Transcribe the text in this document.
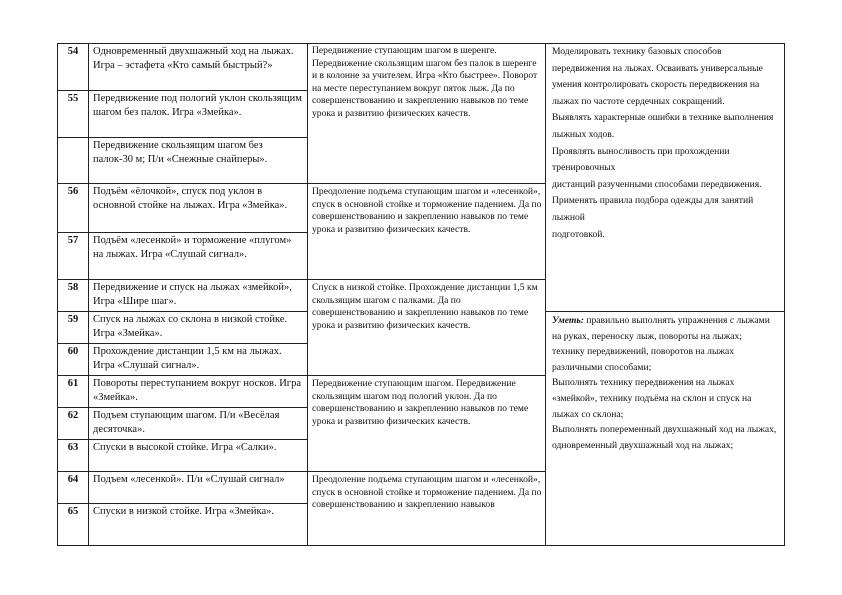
54
55
56
57
58
59
60
61
62
63
64
65
Одновременный двухшажный ход на лыжах. Игра – эстафета «Кто самый быстрый?»
Передвижение под пологий уклон скользящим шагом без палок. Игра «Змейка».
Передвижение скользящим шагом без палок-30 м; П/и «Снежные снайперы».
Подъём «ёлочкой», спуск под уклон в основной стойке на лыжах. Игра «Змейка».
Подъём «лесенкой» и торможение «плугом» на лыжах. Игра «Слушай сигнал».
Передвижение и спуск на лыжах «змейкой», Игра «Шире шаг».
Спуск на лыжах со склона в низкой стойке. Игра «Змейка».
Прохождение дистанции 1,5 км на лыжах. Игра «Слушай сигнал».
Повороты переступанием вокруг носков. Игра «Змейка».
Подъем ступающим шагом. П/и «Весёлая десяточка».
Спуски в высокой стойке. Игра «Салки».
Подъем «лесенкой». П/и «Слушай сигнал»
Спуски в низкой стойке. Игра «Змейка».
Передвижение ступающим шагом в шеренге. Передвижение скользящим шагом без палок в шеренге и в колонне за учителем. Игра «Кто быстрее». Поворот на месте переступанием вокруг пяток лыж. Да по совершенствованию и закреплению навыков по теме урока и развитию физических качеств.
Преодоление подъема ступающим шагом и «лесенкой», спуск в основной стойке и торможение падением. Да по совершенствованию и закреплению навыков по теме урока и развитию физических качеств.
Спуск в низкой стойке. Прохождение дистанции 1,5 км скользящим шагом с палками. Да по совершенствованию и закреплению навыков по теме урока и развитию физических качеств.
Передвижение ступающим шагом. Передвижение скользящим шагом под пологий уклон. Да по совершенствованию и закреплению навыков по теме урока и развитию физических качеств.
Преодоление подъема ступающим шагом и «лесенкой», спуск в основной стойке и торможение падением. Да по совершенствованию и закреплению навыков
Моделировать технику базовых способов передвижения на лыжах. Осваивать универсальные
умения контролировать скорость передвижения на лыжах по частоте сердечных сокращений.
Выявлять характерные ошибки в технике выполнения лыжных ходов.
Проявлять выносливость при прохождении тренировочных
дистанций разученными способами передвижения.
Применять правила подбора одежды для занятий лыжной
подготовкой.
Уметь: правильно выполнять упражнения с лыжами на руках, переноску лыж, повороты на лыжах;
технику передвижений, поворотов на лыжах различными способами;
Выполнять технику передвижения на лыжах «змейкой», технику подъёма на склон и спуск на лыжах со склона;
Выполнять попеременный двухшажный ход на лыжах, одновременный двухшажный ход на лыжах;
